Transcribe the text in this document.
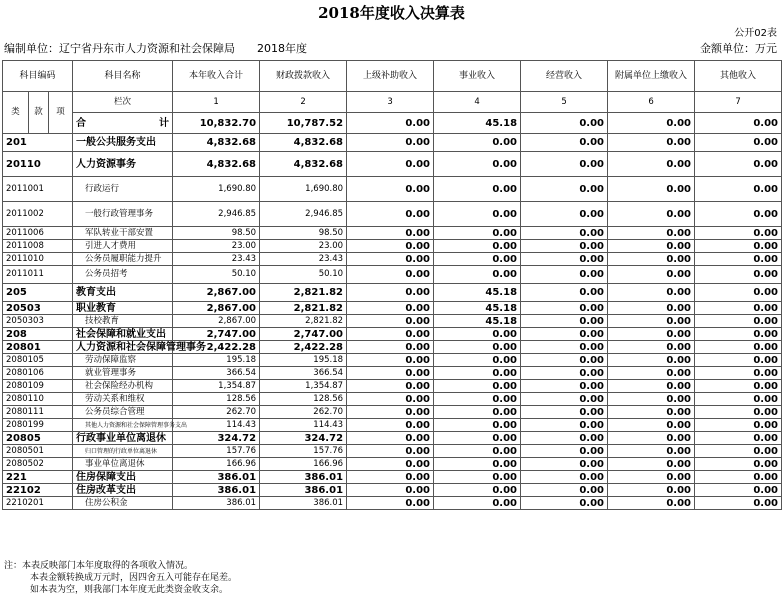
2018年度收入决算表
公开02表
编制单位：辽宁省丹东市人力资源和社会保障局　　2018年度	金额单位：万元
科目编码			科目名称	本年收入合计	财政拨款收入	上级补助收入	事业收入	经营收入	附属单位上缴收入	其他收入
类	款	项	栏次	1	2	3	4	5	6	7
			合　　　计	10,832.70	10,787.52	0.00	45.18	0.00	0.00	0.00
201			一般公共服务支出	4,832.68	4,832.68	0.00	0.00	0.00	0.00	0.00
20110			人力资源事务	4,832.68	4,832.68	0.00	0.00	0.00	0.00	0.00
2011001			行政运行	1,690.80	1,690.80	0.00	0.00	0.00	0.00	0.00
2011002			一般行政管理事务	2,946.85	2,946.85	0.00	0.00	0.00	0.00	0.00
2011006			军队转业干部安置	98.50	98.50	0.00	0.00	0.00	0.00	0.00
2011008			引进人才费用	23.00	23.00	0.00	0.00	0.00	0.00	0.00
2011010			公务员履职能力提升	23.43	23.43	0.00	0.00	0.00	0.00	0.00
2011011			公务员招考	50.10	50.10	0.00	0.00	0.00	0.00	0.00
205			教育支出	2,867.00	2,821.82	0.00	45.18	0.00	0.00	0.00
20503			职业教育	2,867.00	2,821.82	0.00	45.18	0.00	0.00	0.00
2050303			技校教育	2,867.00	2,821.82	0.00	45.18	0.00	0.00	0.00
208			社会保障和就业支出	2,747.00	2,747.00	0.00	0.00	0.00	0.00	0.00
20801			人力资源和社会保障管理事务	2,422.28	2,422.28	0.00	0.00	0.00	0.00	0.00
2080105			劳动保障监察	195.18	195.18	0.00	0.00	0.00	0.00	0.00
2080106			就业管理事务	366.54	366.54	0.00	0.00	0.00	0.00	0.00
2080109			社会保险经办机构	1,354.87	1,354.87	0.00	0.00	0.00	0.00	0.00
2080110			劳动关系和维权	128.56	128.56	0.00	0.00	0.00	0.00	0.00
2080111			公务员综合管理	262.70	262.70	0.00	0.00	0.00	0.00	0.00
2080199			其他人力资源和社会保障管理事务支出	114.43	114.43	0.00	0.00	0.00	0.00	0.00
20805			行政事业单位离退休	324.72	324.72	0.00	0.00	0.00	0.00	0.00
2080501			归口管理的行政单位离退休	157.76	157.76	0.00	0.00	0.00	0.00	0.00
2080502			事业单位离退休	166.96	166.96	0.00	0.00	0.00	0.00	0.00
221			住房保障支出	386.01	386.01	0.00	0.00	0.00	0.00	0.00
22102			住房改革支出	386.01	386.01	0.00	0.00	0.00	0.00	0.00
2210201			住房公积金	386.01	386.01	0.00	0.00	0.00	0.00	0.00
注：本表反映部门本年度取得的各项收入情况。
本表金额转换成万元时，因四舍五入可能存在尾差。
如本表为空，则我部门本年度无此类资金收支余。
